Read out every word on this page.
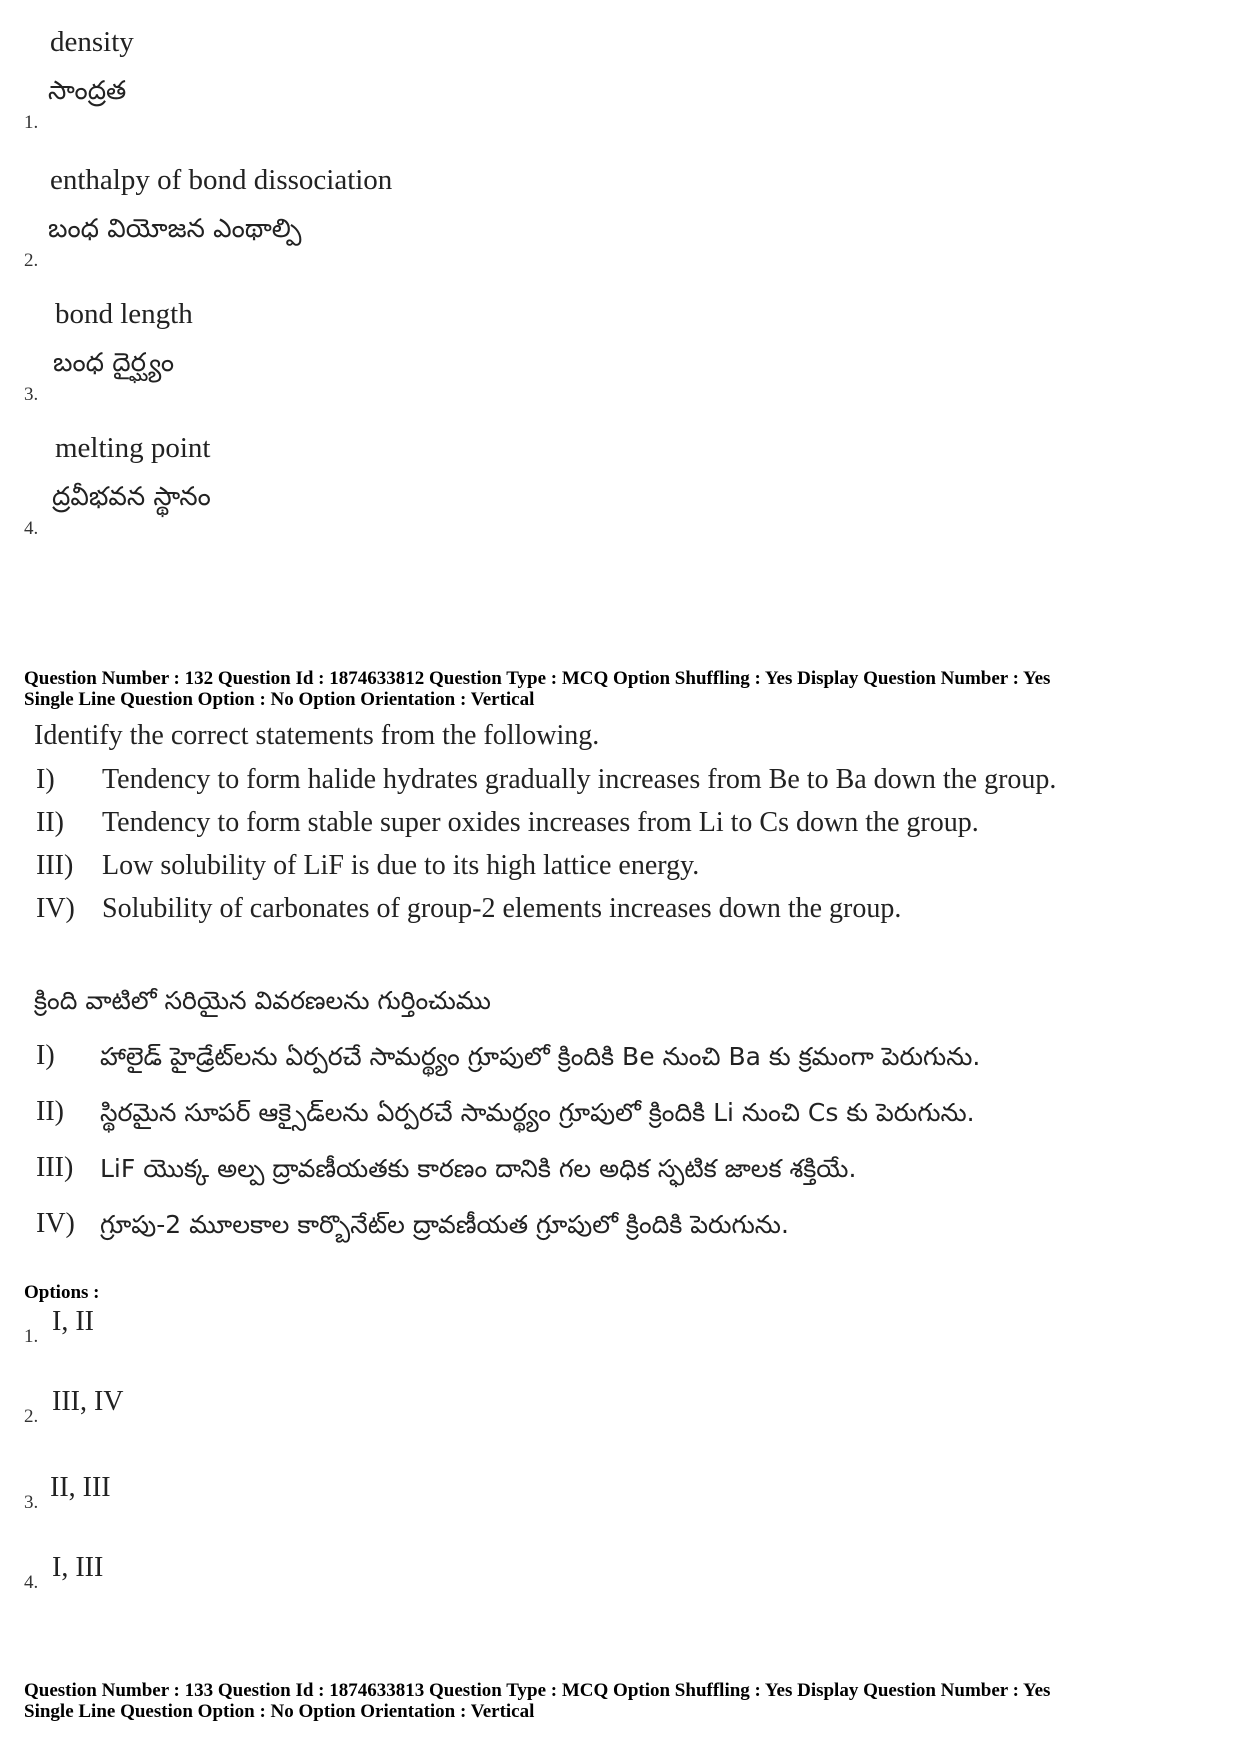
density
సాంద్రత
1.
enthalpy of bond dissociation
బంధ వియోజన ఎంథాల్పి
2.
bond length
బంధ దైర్ఘ్యం
3.
melting point
ద్రవీభవన స్థానం
4.
Question Number : 132 Question Id : 1874633812 Question Type : MCQ Option Shuffling : Yes Display Question Number : Yes
Single Line Question Option : No Option Orientation : Vertical
Identify the correct statements from the following.
I) Tendency to form halide hydrates gradually increases from Be to Ba down the group.
II) Tendency to form stable super oxides increases from Li to Cs down the group.
III) Low solubility of LiF is due to its high lattice energy.
IV) Solubility of carbonates of group-2 elements increases down the group.
క్రింది వాటిలో సరియైన వివరణలను గుర్తించుము
I) హాలైడ్ హైడ్రేట్‌లను ఏర్పరచే సామర్థ్యం గ్రూపులో క్రిందికి Be నుంచి Ba కు క్రమంగా పెరుగును.
II) స్థిరమైన సూపర్ ఆక్సైడ్‌లను ఏర్పరచే సామర్థ్యం గ్రూపులో క్రిందికి Li నుంచి Cs కు పెరుగును.
III) LiF యొక్క అల్ప ద్రావణీయతకు కారణం దానికి గల అధిక స్ఫటిక జాలక శక్తియే.
IV) గ్రూపు-2 మూలకాల కార్బొనేట్‌ల ద్రావణీయత గ్రూపులో క్రిందికి పెరుగును.
Options :
I, II
1.
III, IV
2.
II, III
3.
I, III
4.
Question Number : 133 Question Id : 1874633813 Question Type : MCQ Option Shuffling : Yes Display Question Number : Yes
Single Line Question Option : No Option Orientation : Vertical
